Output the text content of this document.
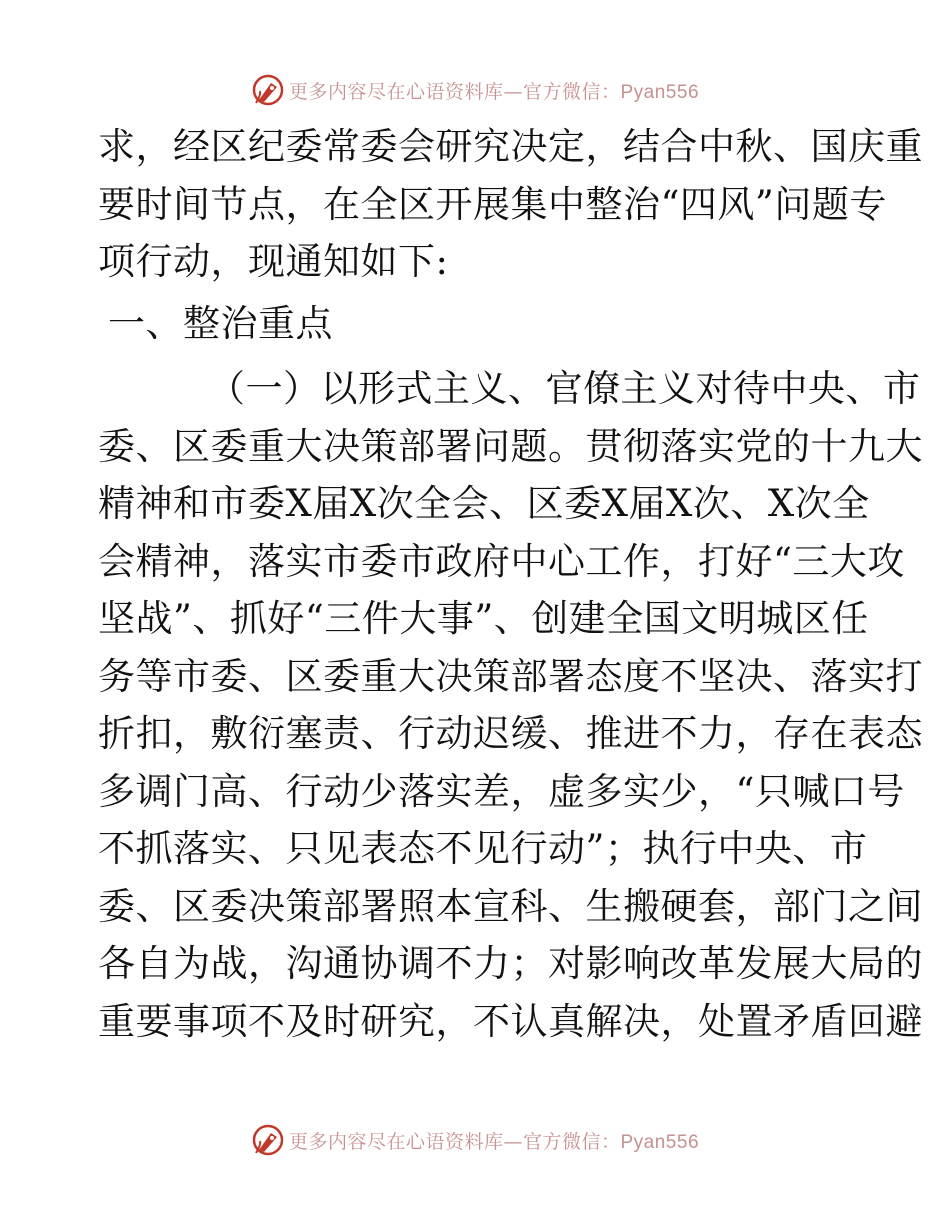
更多内容尽在心语资料库—官方微信：Pyan556
求，经区纪委常委会研究决定，结合中秋、国庆重
要时间节点，在全区开展集中整治“四风”问题专
项行动，现通知如下:
一、整治重点
（一）以形式主义、官僚主义对待中央、市
委、区委重大决策部署问题。贯彻落实党的十九大
精神和市委X届X次全会、区委X届X次、X次全
会精神，落实市委市政府中心工作，打好“三大攻
坚战”、抓好“三件大事”、创建全国文明城区任
务等市委、区委重大决策部署态度不坚决、落实打
折扣，敷衍塞责、行动迟缓、推进不力，存在表态
多调门高、行动少落实差，虚多实少，“只喊口号
不抓落实、只见表态不见行动”；执行中央、市
委、区委决策部署照本宣科、生搬硬套，部门之间
各自为战，沟通协调不力；对影响改革发展大局的
重要事项不及时研究，不认真解决，处置矛盾回避
更多内容尽在心语资料库—官方微信：Pyan556
